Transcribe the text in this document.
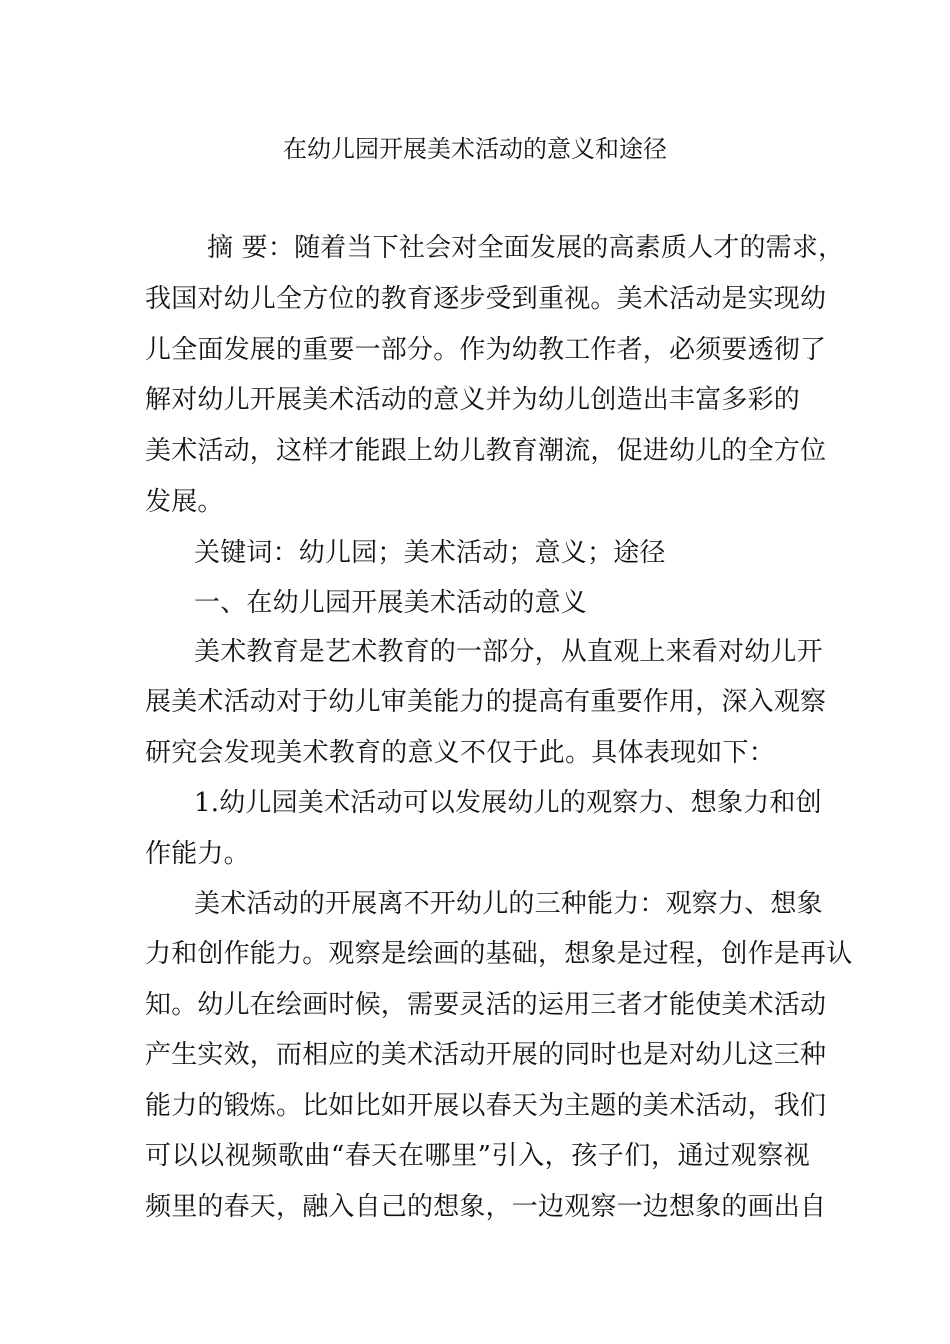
在幼儿园开展美术活动的意义和途径
摘 要：随着当下社会对全面发展的高素质人才的需求，
我国对幼儿全方位的教育逐步受到重视。美术活动是实现幼
儿全面发展的重要一部分。作为幼教工作者，必须要透彻了
解对幼儿开展美术活动的意义并为幼儿创造出丰富多彩的
美术活动，这样才能跟上幼儿教育潮流，促进幼儿的全方位
发展。
关键词：幼儿园；美术活动；意义；途径
一、在幼儿园开展美术活动的意义
美术教育是艺术教育的一部分，从直观上来看对幼儿开
展美术活动对于幼儿审美能力的提高有重要作用，深入观察
研究会发现美术教育的意义不仅于此。具体表现如下：
1.幼儿园美术活动可以发展幼儿的观察力、想象力和创
作能力。
美术活动的开展离不开幼儿的三种能力：观察力、想象
力和创作能力。观察是绘画的基础，想象是过程，创作是再认
知。幼儿在绘画时候，需要灵活的运用三者才能使美术活动
产生实效，而相应的美术活动开展的同时也是对幼儿这三种
能力的锻炼。比如比如开展以春天为主题的美术活动，我们
可以以视频歌曲“春天在哪里”引入，孩子们，通过观察视
频里的春天，融入自己的想象，一边观察一边想象的画出自
